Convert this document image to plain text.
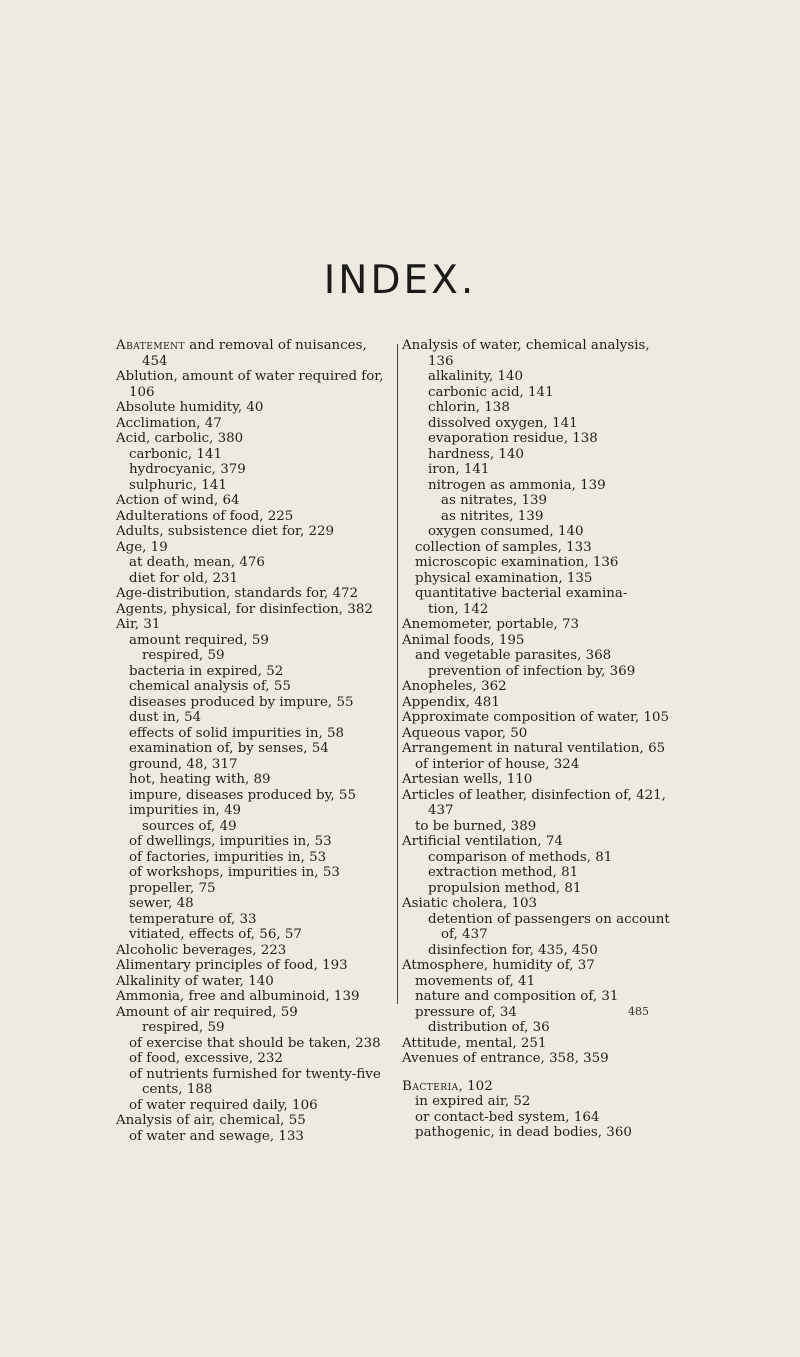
INDEX.
Abatement and removal of nuisances,
454
Ablution, amount of water required for,
106
Absolute humidity, 40
Acclimation, 47
Acid, carbolic, 380
carbonic, 141
hydrocyanic, 379
sulphuric, 141
Action of wind, 64
Adulterations of food, 225
Adults, subsistence diet for, 229
Age, 19
at death, mean, 476
diet for old, 231
Age-distribution, standards for, 472
Agents, physical, for disinfection, 382
Air, 31
amount required, 59
respired, 59
bacteria in expired, 52
chemical analysis of, 55
diseases produced by impure, 55
dust in, 54
effects of solid impurities in, 58
examination of, by senses, 54
ground, 48, 317
hot, heating with, 89
impure, diseases produced by, 55
impurities in, 49
sources of, 49
of dwellings, impurities in, 53
of factories, impurities in, 53
of workshops, impurities in, 53
propeller, 75
sewer, 48
temperature of, 33
vitiated, effects of, 56, 57
Alcoholic beverages, 223
Alimentary principles of food, 193
Alkalinity of water, 140
Ammonia, free and albuminoid, 139
Amount of air required, 59
respired, 59
of exercise that should be taken, 238
of food, excessive, 232
of nutrients furnished for twenty-five
cents, 188
of water required daily, 106
Analysis of air, chemical, 55
of water and sewage, 133
Analysis of water, chemical analysis,
136
alkalinity, 140
carbonic acid, 141
chlorin, 138
dissolved oxygen, 141
evaporation residue, 138
hardness, 140
iron, 141
nitrogen as ammonia, 139
as nitrates, 139
as nitrites, 139
oxygen consumed, 140
collection of samples, 133
microscopic examination, 136
physical examination, 135
quantitative bacterial examina-
tion, 142
Anemometer, portable, 73
Animal foods, 195
and vegetable parasites, 368
prevention of infection by, 369
Anopheles, 362
Appendix, 481
Approximate composition of water, 105
Aqueous vapor, 50
Arrangement in natural ventilation, 65
of interior of house, 324
Artesian wells, 110
Articles of leather, disinfection of, 421,
437
to be burned, 389
Artificial ventilation, 74
comparison of methods, 81
extraction method, 81
propulsion method, 81
Asiatic cholera, 103
detention of passengers on account
of, 437
disinfection for, 435, 450
Atmosphere, humidity of, 37
movements of, 41
nature and composition of, 31
pressure of, 34
distribution of, 36
Attitude, mental, 251
Avenues of entrance, 358, 359
Bacteria, 102
in expired air, 52
or contact-bed system, 164
pathogenic, in dead bodies, 360
485
